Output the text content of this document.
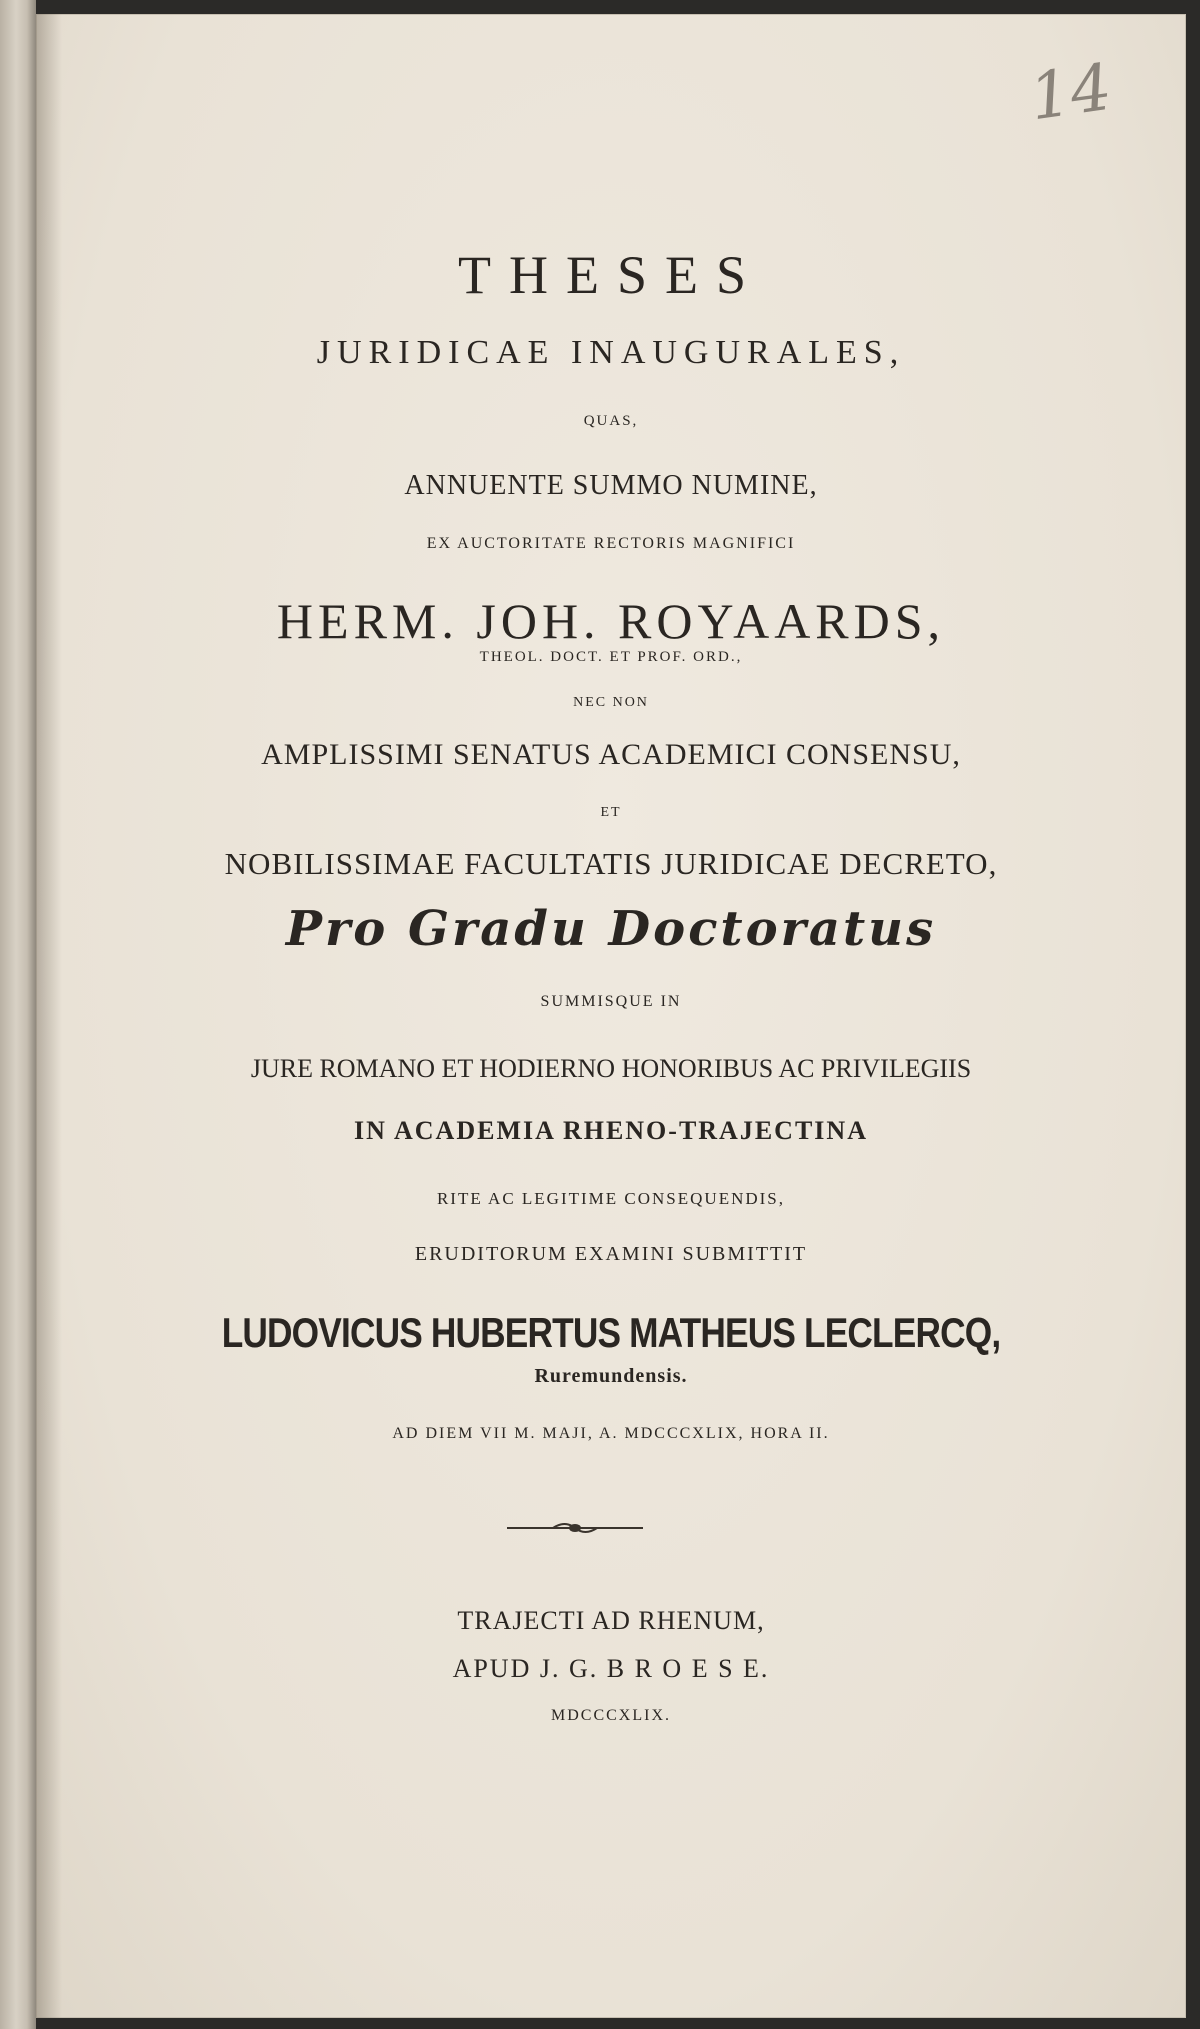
14
THESES
JURIDICAE INAUGURALES,
QUAS,
ANNUENTE SUMMO NUMINE,
EX AUCTORITATE RECTORIS MAGNIFICI
HERM. JOH. ROYAARDS,
THEOL. DOCT. ET PROF. ORD.,
NEC NON
AMPLISSIMI SENATUS ACADEMICI CONSENSU,
ET
NOBILISSIMAE FACULTATIS JURIDICAE DECRETO,
Pro Gradu Doctoratus
SUMMISQUE IN
JURE ROMANO ET HODIERNO HONORIBUS AC PRIVILEGIIS
IN ACADEMIA RHENO-TRAJECTINA
RITE AC LEGITIME CONSEQUENDIS,
ERUDITORUM EXAMINI SUBMITTIT
LUDOVICUS HUBERTUS MATHEUS LECLERCQ,
Ruremundensis.
AD DIEM VII M. MAJI, A. MDCCCXLIX, HORA II.
TRAJECTI AD RHENUM,
APUD J. G. B R O E S E.
MDCCCXLIX.
